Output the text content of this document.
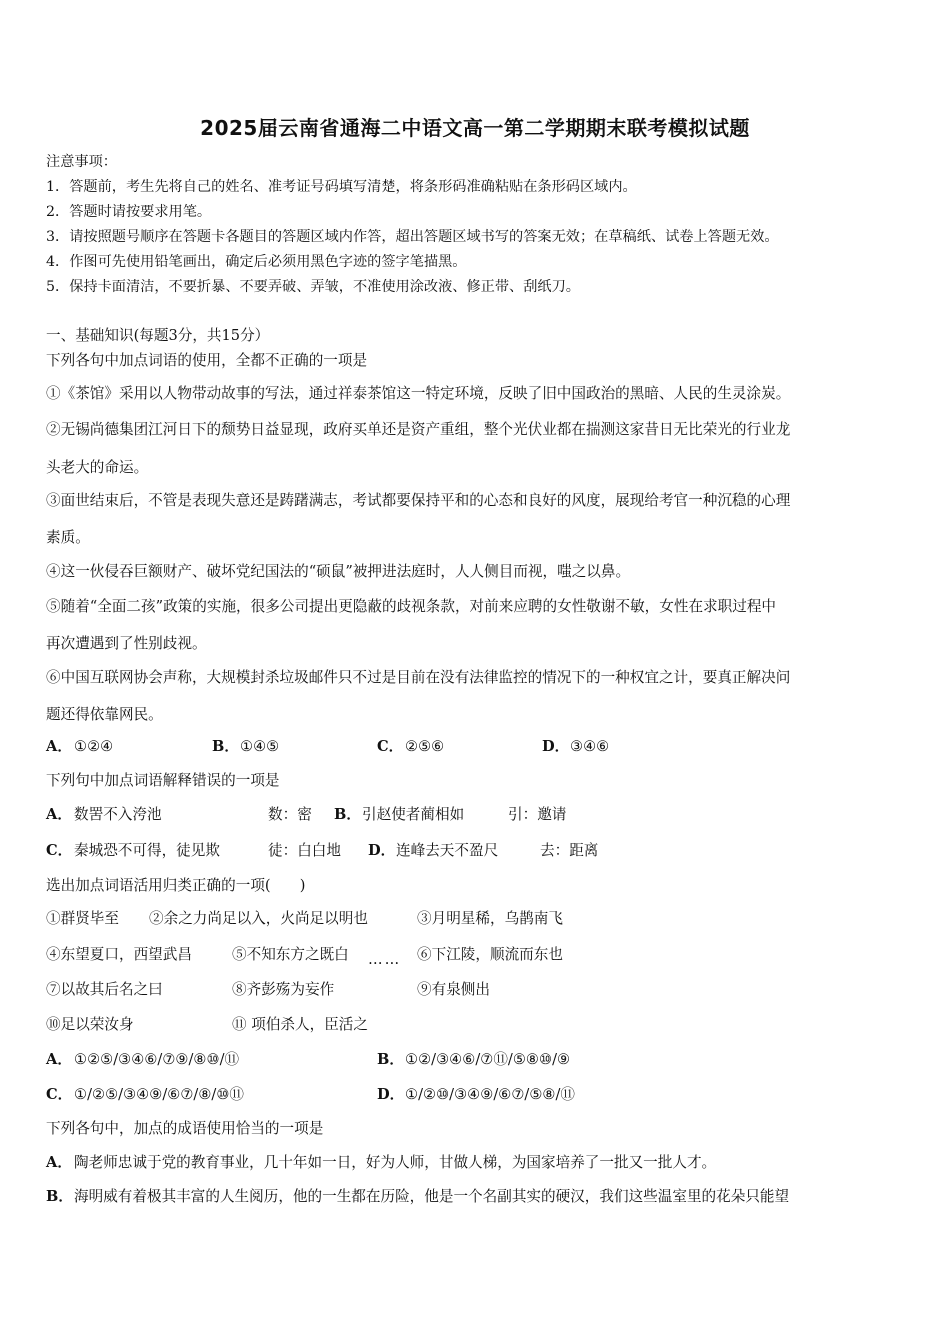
2025届云南省通海二中语文高一第二学期期末联考模拟试题
注意事项：
1．答题前，考生先将自己的姓名、准考证号码填写清楚，将条形码准确粘贴在条形码区域内。
2．答题时请按要求用笔。
3．请按照题号顺序在答题卡各题目的答题区域内作答，超出答题区域书写的答案无效；在草稿纸、试卷上答题无效。
4．作图可先使用铅笔画出，确定后必须用黑色字迹的签字笔描黑。
5．保持卡面清洁，不要折暴、不要弄破、弄皱，不准使用涂改液、修正带、刮纸刀。
一、基础知识(每题3分，共15分）
下列各句中加点词语的使用，全都不正确的一项是
①《茶馆》采用以人物带动故事的写法，通过祥泰茶馆这一特定环境，反映了旧中国政治的黑暗、人民的生灵涂炭。
②无锡尚德集团江河日下的颓势日益显现，政府买单还是资产重组，整个光伏业都在揣测这家昔日无比荣光的行业龙
头老大的命运。
③面世结束后，不管是表现失意还是踌躇满志，考试都要保持平和的心态和良好的风度，展现给考官一种沉稳的心理
素质。
④这一伙侵吞巨额财产、破坏党纪国法的“硕鼠”被押进法庭时，人人侧目而视，嗤之以鼻。
⑤随着“全面二孩”政策的实施，很多公司提出更隐蔽的歧视条款，对前来应聘的女性敬谢不敏，女性在求职过程中
再次遭遇到了性别歧视。
⑥中国互联网协会声称，大规模封杀垃圾邮件只不过是目前在没有法律监控的情况下的一种权宜之计，要真正解决问
题还得依靠网民。
A． ①②④	B． ①④⑤	C． ②⑤⑥	D． ③④⑥
下列句中加点词语解释错误的一项是
A． 数罟不入洿池	数：密 B． 引赵使者蔺相如	引：邀请
C． 秦城恐不可得，徒见欺	徒：白白地 D． 连峰去天不盈尺	去：距离
选出加点词语活用归类正确的一项(　　)
①群贤毕至 ②余之力尚足以入，火尚足以明也	③月明星稀，乌鹊南飞
④东望夏口，西望武昌	⑤不知东方之既白 …… ⑥下江陵，顺流而东也
⑦以故其后名之曰	⑧齐彭殇为妄作	⑨有泉侧出
⑩足以荣汝身	⑪ 项伯杀人，臣活之
A． ①②⑤/③④⑥/⑦⑨/⑧⑩/⑪	B． ①②/③④⑥/⑦⑪/⑤⑧⑩/⑨
C． ①/②⑤/③④⑨/⑥⑦/⑧/⑩⑪	D． ①/②⑩/③④⑨/⑥⑦/⑤⑧/⑪
下列各句中，加点的成语使用恰当的一项是
A． 陶老师忠诚于党的教育事业，几十年如一日，好为人师，甘做人梯，为国家培养了一批又一批人才。
B． 海明威有着极其丰富的人生阅历，他的一生都在历险，他是一个名副其实的硬汉，我们这些温室里的花朵只能望
